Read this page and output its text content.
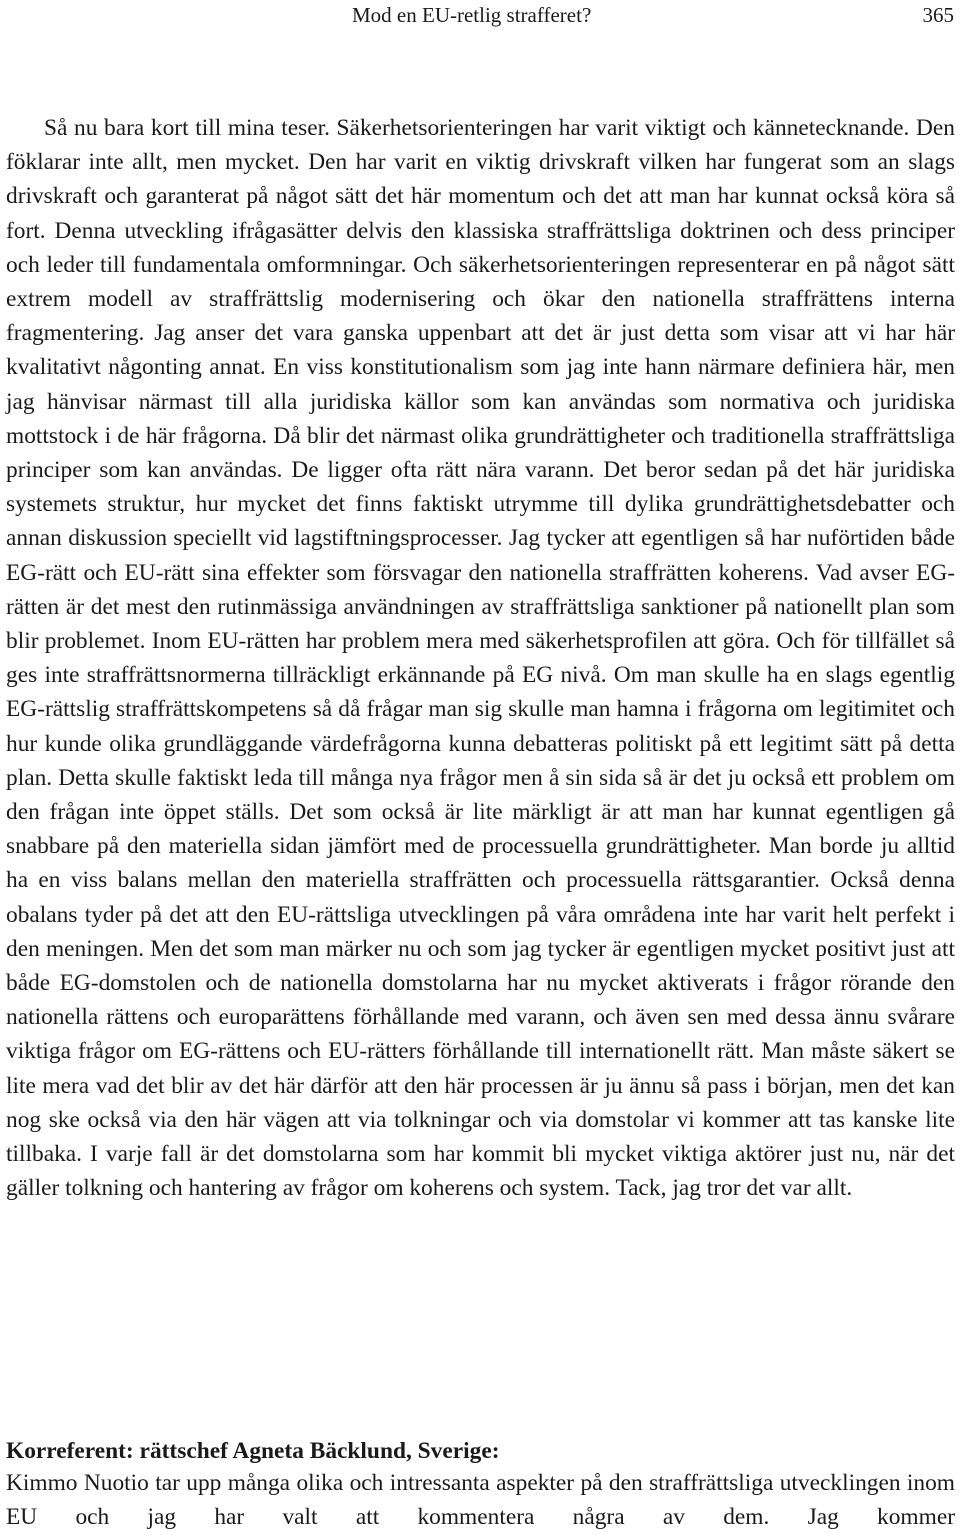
Mod en EU-retlig strafferet?	365

Så nu bara kort till mina teser. Säkerhetsorienteringen har varit viktigt och kännetecknande. Den föklarar inte allt, men mycket. Den har varit en viktig drivskraft vilken har fungerat som an slags drivskraft och garanterat på något sätt det här momentum och det att man har kunnat också köra så fort. Denna utveckling ifrågasätter delvis den klassiska straffrättsliga doktrinen och dess principer och leder till fundamentala omformningar. Och säkerhetsorienteringen representerar en på något sätt extrem modell av straffrättslig modernisering och ökar den nationella straffrättens interna fragmentering. Jag anser det vara ganska uppenbart att det är just detta som visar att vi har här kvalitativt någonting annat. En viss konstitutionalism som jag inte hann närmare definiera här, men jag hänvisar närmast till alla juridiska källor som kan användas som normativa och juridiska mottstock i de här frågorna. Då blir det närmast olika grundrättigheter och traditionella straffrättsliga principer som kan användas. De ligger ofta rätt nära varann. Det beror sedan på det här juridiska systemets struktur, hur mycket det finns faktiskt utrymme till dylika grundrättighetsdebatter och annan diskussion speciellt vid lagstiftningsprocesser. Jag tycker att egentligen så har nuförtiden både EG-rätt och EU-rätt sina effekter som försvagar den nationella straffrätten koherens. Vad avser EG-rätten är det mest den rutinmässiga användningen av straffrättsliga sanktioner på nationellt plan som blir problemet. Inom EU-rätten har problem mera med säkerhetsprofilen att göra. Och för tillfället så ges inte straffrättsnormerna tillräckligt erkännande på EG nivå. Om man skulle ha en slags egentlig EG-rättslig straffrättskompetens så då frågar man sig skulle man hamna i frågorna om legitimitet och hur kunde olika grundläggande värdefrågorna kunna debatteras politiskt på ett legitimt sätt på detta plan. Detta skulle faktiskt leda till många nya frågor men å sin sida så är det ju också ett problem om den frågan inte öppet ställs. Det som också är lite märkligt är att man har kunnat egentligen gå snabbare på den materiella sidan jämfört med de processuella grundrättigheter. Man borde ju alltid ha en viss balans mellan den materiella straffrätten och processuella rättsgarantier. Också denna obalans tyder på det att den EU-rättsliga utvecklingen på våra områdena inte har varit helt perfekt i den meningen. Men det som man märker nu och som jag tycker är egentligen mycket positivt just att både EG-domstolen och de nationella domstolarna har nu mycket aktiverats i frågor rörande den nationella rättens och europarättens förhållande med varann, och även sen med dessa ännu svårare viktiga frågor om EG-rättens och EU-rätters förhållande till internationellt rätt. Man måste säkert se lite mera vad det blir av det här därför att den här processen är ju ännu så pass i början, men det kan nog ske också via den här vägen att via tolkningar och via domstolar vi kommer att tas kanske lite tillbaka. I varje fall är det domstolarna som har kommit bli mycket viktiga aktörer just nu, när det gäller tolkning och hantering av frågor om koherens och system. Tack, jag tror det var allt.

Korreferent: rättschef Agneta Bäcklund, Sverige:

Kimmo Nuotio tar upp många olika och intressanta aspekter på den straffrättsliga utvecklingen inom EU och jag har valt att kommentera några av dem. Jag kommer
